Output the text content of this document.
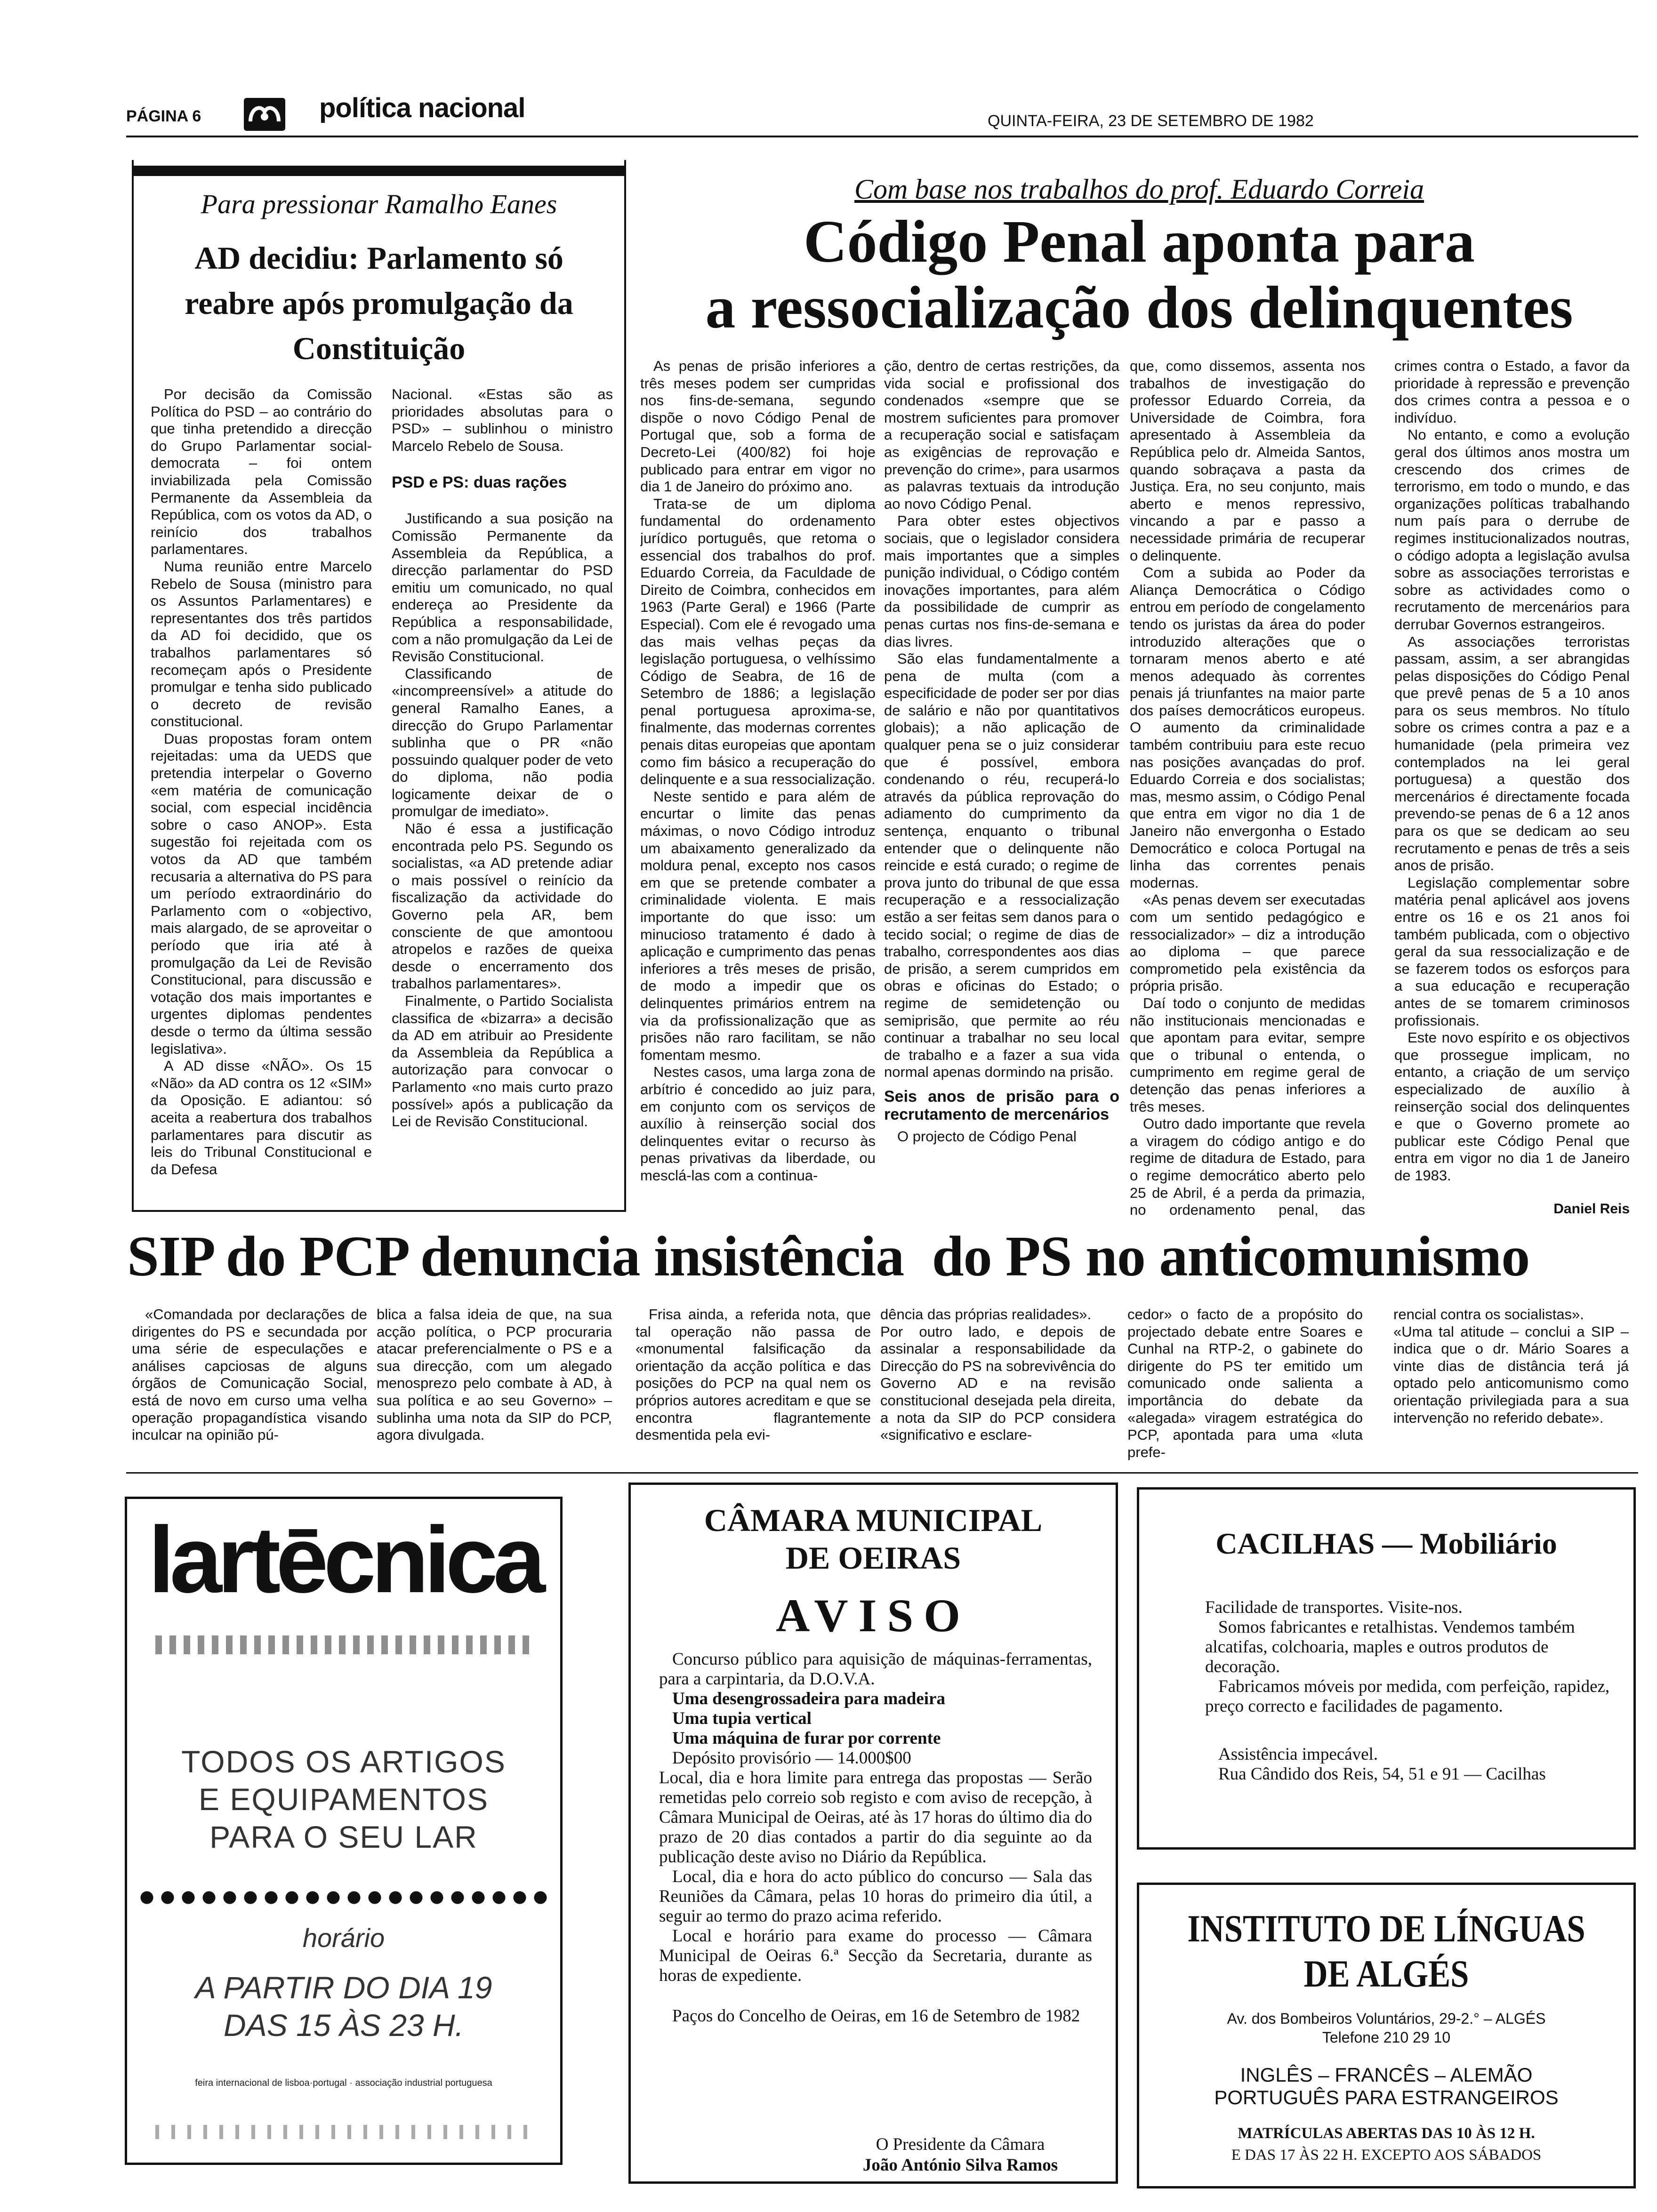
PÁGINA 6	política nacional	QUINTA-FEIRA, 23 DE SETEMBRO DE 1982
Para pressionar Ramalho Eanes
AD decidiu: Parlamento só reabre após promulgação da Constituição

Por decisão da Comissão Política do PSD – ao contrário do que tinha pretendido a direcção do Grupo Parlamentar social-democrata – foi ontem inviabilizada pela Comissão Permanente da Assembleia da República, com os votos da AD, o reinício dos trabalhos parlamentares.

Numa reunião entre Marcelo Rebelo de Sousa (ministro para os Assuntos Parlamentares) e representantes dos três partidos da AD foi decidido, que os trabalhos parlamentares só recomeçam após o Presidente promulgar e tenha sido publicado o decreto de revisão constitucional.

Duas propostas foram ontem rejeitadas: uma da UEDS que pretendia interpelar o Governo «em matéria de comunicação social, com especial incidência sobre o caso ANOP». Esta sugestão foi rejeitada com os votos da AD que também recusaria a alternativa do PS para um período extraordinário do Parlamento com o «objectivo, mais alargado, de se aproveitar o período que iria até à promulgação da Lei de Revisão Constitucional, para discussão e votação dos mais importantes e urgentes diplomas pendentes desde o termo da última sessão legislativa».

A AD disse «NÃO». Os 15 «Não» da AD contra os 12 «SIM» da Oposição. E adiantou: só aceita a reabertura dos trabalhos parlamentares para discutir as leis do Tribunal Constitucional e da Defesa

Nacional. «Estas são as prioridades absolutas para o PSD» – sublinhou o ministro Marcelo Rebelo de Sousa.

PSD e PS: duas rações

Justificando a sua posição na Comissão Permanente da Assembleia da República, a direcção parlamentar do PSD emitiu um comunicado, no qual endereça ao Presidente da República a responsabilidade, com a não promulgação da Lei de Revisão Constitucional.

Classificando de «incompreensível» a atitude do general Ramalho Eanes, a direcção do Grupo Parlamentar sublinha que o PR «não possuindo qualquer poder de veto do diploma, não podia logicamente deixar de o promulgar de imediato».

Não é essa a justificação encontrada pelo PS. Segundo os socialistas, «a AD pretende adiar o mais possível o reinício da fiscalização da actividade do Governo pela AR, bem consciente de que amontoou atropelos e razões de queixa desde o encerramento dos trabalhos parlamentares».

Finalmente, o Partido Socialista classifica de «bizarra» a decisão da AD em atribuir ao Presidente da Assembleia da República a autorização para convocar o Parlamento «no mais curto prazo possível» após a publicação da Lei de Revisão Constitucional.

Com base nos trabalhos do prof. Eduardo Correia
Código Penal aponta para
a ressocialização dos delinquentes

As penas de prisão inferiores a três meses podem ser cumpridas nos fins-de-semana, segundo dispõe o novo Código Penal de Portugal que, sob a forma de Decreto-Lei (400/82) foi hoje publicado para entrar em vigor no dia 1 de Janeiro do próximo ano.

Trata-se de um diploma fundamental do ordenamento jurídico português, que retoma o essencial dos trabalhos do prof. Eduardo Correia, da Faculdade de Direito de Coimbra, conhecidos em 1963 (Parte Geral) e 1966 (Parte Especial). Com ele é revogado uma das mais velhas peças da legislação portuguesa, o velhíssimo Código de Seabra, de 16 de Setembro de 1886; a legislação penal portuguesa aproxima-se, finalmente, das modernas correntes penais ditas europeias que apontam como fim básico a recuperação do delinquente e a sua ressocialização.

Neste sentido e para além de encurtar o limite das penas máximas, o novo Código introduz um abaixamento generalizado da moldura penal, excepto nos casos em que se pretende combater a criminalidade violenta. E mais importante do que isso: um minucioso tratamento é dado à aplicação e cumprimento das penas inferiores a três meses de prisão, de modo a impedir que os delinquentes primários entrem na via da profissionalização que as prisões não raro facilitam, se não fomentam mesmo.

Nestes casos, uma larga zona de arbítrio é concedido ao juiz para, em conjunto com os serviços de auxílio à reinserção social dos delinquentes evitar o recurso às penas privativas da liberdade, ou mesclá-las com a continua-

ção, dentro de certas restrições, da vida social e profissional dos condenados «sempre que se mostrem suficientes para promover a recuperação social e satisfaçam as exigências de reprovação e prevenção do crime», para usarmos as palavras textuais da introdução ao novo Código Penal.

Para obter estes objectivos sociais, que o legislador considera mais importantes que a simples punição individual, o Código contém inovações importantes, para além da possibilidade de cumprir as penas curtas nos fins-de-semana e dias livres.

São elas fundamentalmente a pena de multa (com a especificidade de poder ser por dias de salário e não por quantitativos globais); a não aplicação de qualquer pena se o juiz considerar que é possível, embora condenando o réu, recuperá-lo através da pública reprovação do adiamento do cumprimento da sentença, enquanto o tribunal entender que o delinquente não reincide e está curado; o regime de prova junto do tribunal de que essa recuperação e a ressocialização estão a ser feitas sem danos para o tecido social; o regime de dias de trabalho, correspondentes aos dias de prisão, a serem cumpridos em obras e oficinas do Estado; o regime de semidetenção ou semiprisão, que permite ao réu continuar a trabalhar no seu local de trabalho e a fazer a sua vida normal apenas dormindo na prisão.

Seis anos de prisão para o recrutamento de mercenários

O projecto de Código Penal

que, como dissemos, assenta nos trabalhos de investigação do professor Eduardo Correia, da Universidade de Coimbra, fora apresentado à Assembleia da República pelo dr. Almeida Santos, quando sobraçava a pasta da Justiça. Era, no seu conjunto, mais aberto e menos repressivo, vincando a par e passo a necessidade primária de recuperar o delinquente.

Com a subida ao Poder da Aliança Democrática o Código entrou em período de congelamento tendo os juristas da área do poder introduzido alterações que o tornaram menos aberto e até menos adequado às correntes penais já triunfantes na maior parte dos países democráticos europeus. O aumento da criminalidade também contribuiu para este recuo nas posições avançadas do prof. Eduardo Correia e dos socialistas; mas, mesmo assim, o Código Penal que entra em vigor no dia 1 de Janeiro não envergonha o Estado Democrático e coloca Portugal na linha das correntes penais modernas.

«As penas devem ser executadas com um sentido pedagógico e ressocializador» – diz a introdução ao diploma – que parece comprometido pela existência da própria prisão.

Daí todo o conjunto de medidas não institucionais mencionadas e que apontam para evitar, sempre que o tribunal o entenda, o cumprimento em regime geral de detenção das penas inferiores a três meses.

Outro dado importante que revela a viragem do código antigo e do regime de ditadura de Estado, para o regime democrático aberto pelo 25 de Abril, é a perda da primazia, no ordenamento penal, das

crimes contra o Estado, a favor da prioridade à repressão e prevenção dos crimes contra a pessoa e o indivíduo.

No entanto, e como a evolução geral dos últimos anos mostra um crescendo dos crimes de terrorismo, em todo o mundo, e das organizações políticas trabalhando num país para o derrube de regimes institucionalizados noutras, o código adopta a legislação avulsa sobre as associações terroristas e sobre as actividades como o recrutamento de mercenários para derrubar Governos estrangeiros.

As associações terroristas passam, assim, a ser abrangidas pelas disposições do Código Penal que prevê penas de 5 a 10 anos para os seus membros. No título sobre os crimes contra a paz e a humanidade (pela primeira vez contemplados na lei geral portuguesa) a questão dos mercenários é directamente focada prevendo-se penas de 6 a 12 anos para os que se dedicam ao seu recrutamento e penas de três a seis anos de prisão.

Legislação complementar sobre matéria penal aplicável aos jovens entre os 16 e os 21 anos foi também publicada, com o objectivo geral da sua ressocialização e de se fazerem todos os esforços para a sua educação e recuperação antes de se tomarem criminosos profissionais.

Este novo espírito e os objectivos que prossegue implicam, no entanto, a criação de um serviço especializado de auxílio à reinserção social dos delinquentes e que o Governo promete ao publicar este Código Penal que entra em vigor no dia 1 de Janeiro de 1983.

Daniel Reis
SIP do PCP denuncia insistência do PS no anticomunismo
«Comandada por declarações de dirigentes do PS e secundada por uma série de especulações e análises capciosas de alguns órgãos de Comunicação Social, está de novo em curso uma velha operação propagandística visando inculcar na opinião pú-
blica a falsa ideia de que, na sua acção política, o PCP procuraria atacar preferencialmente o PS e a sua direcção, com um alegado menosprezo pelo combate à AD, à sua política e ao seu Governo» – sublinha uma nota da SIP do PCP, agora divulgada.
Frisa ainda, a referida nota, que tal operação não passa de «monumental falsificação da orientação da acção política e das posições do PCP na qual nem os próprios autores acreditam e que se encontra flagrantemente desmentida pela evi-
dência das próprias realidades».
Por outro lado, e depois de assinalar a responsabilidade da Direcção do PS na sobrevivência do Governo AD e na revisão constitucional desejada pela direita, a nota da SIP do PCP considera «significativo e esclare-
cedor» o facto de a propósito do projectado debate entre Soares e Cunhal na RTP-2, o gabinete do dirigente do PS ter emitido um comunicado onde salienta a importância do debate da «alegada» viragem estratégica do PCP, apontada para uma «luta prefe-
rencial contra os socialistas».
«Uma tal atitude – conclui a SIP – indica que o dr. Mário Soares a vinte dias de distância terá já optado pelo anticomunismo como orientação privilegiada para a sua intervenção no referido debate».
lartēcnica
TODOS OS ARTIGOS
E EQUIPAMENTOS
PARA O SEU LAR
horário
A PARTIR DO DIA 19
DAS 15 ÀS 23 H.
feira internacional de lisboa·portugal · associação industrial portuguesa
CÂMARA MUNICIPAL
DE OEIRAS
AVISO
Concurso público para aquisição de máquinas-ferramentas, para a carpintaria, da D.O.V.A.
Uma desengrossadeira para madeira
Uma tupia vertical
Uma máquina de furar por corrente
Depósito provisório — 14.000$00
Local, dia e hora limite para entrega das propostas — Serão remetidas pelo correio sob registo e com aviso de recepção, à Câmara Municipal de Oeiras, até às 17 horas do último dia do prazo de 20 dias contados a partir do dia seguinte ao da publicação deste aviso no Diário da República.
Local, dia e hora do acto público do concurso — Sala das Reuniões da Câmara, pelas 10 horas do primeiro dia útil, a seguir ao termo do prazo acima referido.
Local e horário para exame do processo — Câmara Municipal de Oeiras 6.ª Secção da Secretaria, durante as horas de expediente.
Paços do Concelho de Oeiras, em 16 de Setembro de 1982
O Presidente da Câmara
João António Silva Ramos
CACILHAS — Mobiliário
Facilidade de transportes. Visite-nos.
Somos fabricantes e retalhistas. Vendemos também alcatifas, colchoaria, maples e outros produtos de decoração.
Fabricamos móveis por medida, com perfeição, rapidez, preço correcto e facilidades de pagamento.
Assistência impecável.
Rua Cândido dos Reis, 54, 51 e 91 — Cacilhas
INSTITUTO DE LÍNGUAS
DE ALGÉS
Av. dos Bombeiros Voluntários, 29-2.° – ALGÉS
Telefone 210 29 10
INGLÊS – FRANCÊS – ALEMÃO
PORTUGUÊS PARA ESTRANGEIROS
MATRÍCULAS ABERTAS DAS 10 ÀS 12 H.
E DAS 17 ÀS 22 H. EXCEPTO AOS SÁBADOS
